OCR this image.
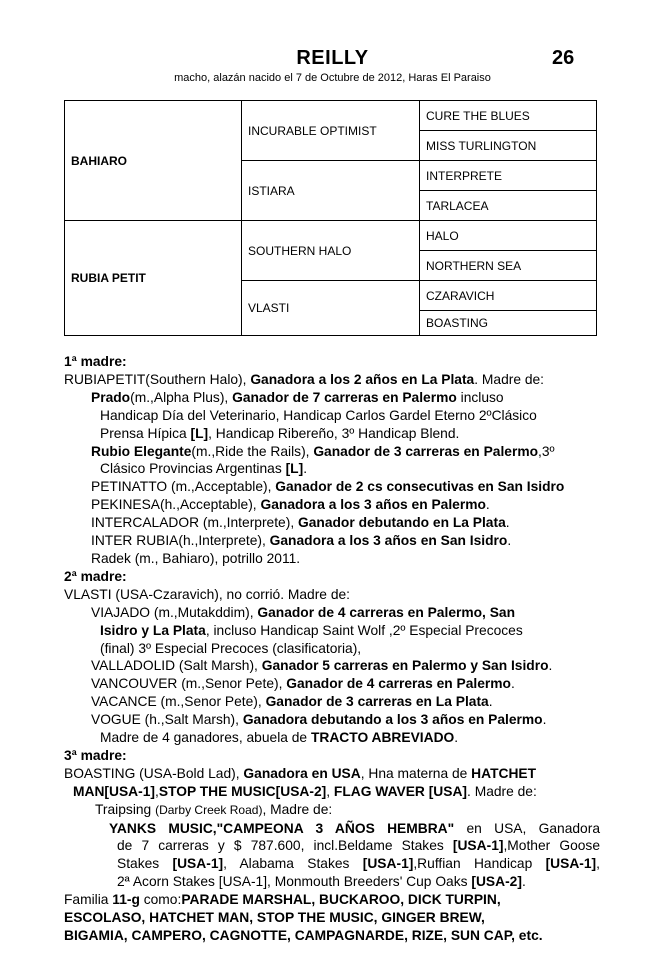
REILLY	26
macho, alazán nacido el 7 de Octubre de 2012, Haras El Paraiso
BAHIARO	INCURABLE OPTIMIST	CURE THE BLUES
		MISS TURLINGTON
	ISTIARA	INTERPRETE
		TARLACEA
RUBIA PETIT	SOUTHERN HALO	HALO
		NORTHERN SEA
	VLASTI	CZARAVICH
		BOASTING

1ª madre:

RUBIAPETIT(Southern Halo), Ganadora a los 2 años en La Plata. Madre de:

Prado(m.,Alpha Plus), Ganador de 7 carreras en Palermo incluso

Handicap Día del Veterinario, Handicap Carlos Gardel Eterno 2ºClásico

Prensa Hípica [L], Handicap Ribereño, 3º Handicap Blend.

Rubio Elegante(m.,Ride the Rails), Ganador de 3 carreras en Palermo,3º

Clásico Provincias Argentinas [L].

PETINATTO (m.,Acceptable), Ganador de 2 cs consecutivas en San Isidro

PEKINESA(h.,Acceptable), Ganadora a los 3 años en Palermo.

INTERCALADOR (m.,Interprete), Ganador debutando en La Plata.

INTER RUBIA(h.,Interprete), Ganadora a los 3 años en San Isidro.

Radek (m., Bahiaro), potrillo 2011.

2ª madre:

VLASTI (USA-Czaravich), no corrió. Madre de:

VIAJADO (m.,Mutakddim), Ganador de 4 carreras en Palermo, San

Isidro y La Plata, incluso Handicap Saint Wolf ,2º Especial Precoces

(final) 3º Especial Precoces (clasificatoria),

VALLADOLID (Salt Marsh), Ganador 5 carreras en Palermo y San Isidro.

VANCOUVER (m.,Senor Pete), Ganador de 4 carreras en Palermo.

VACANCE (m.,Senor Pete), Ganador de 3 carreras en La Plata.

VOGUE (h.,Salt Marsh), Ganadora debutando a los 3 años en Palermo.

Madre de 4 ganadores, abuela de TRACTO ABREVIADO.

3ª madre:

BOASTING (USA-Bold Lad), Ganadora en USA, Hna materna de HATCHET

MAN[USA-1],STOP THE MUSIC[USA-2], FLAG WAVER [USA]. Madre de:

Traipsing (Darby Creek Road), Madre de:

YANKS MUSIC,"CAMPEONA 3 AÑOS HEMBRA" en USA, Ganadora

de 7 carreras y $ 787.600, incl.Beldame Stakes [USA-1],Mother Goose

Stakes [USA-1], Alabama Stakes [USA-1],Ruffian Handicap [USA-1],

2ª Acorn Stakes [USA-1], Monmouth Breeders' Cup Oaks [USA-2].

Familia 11-g como:PARADE MARSHAL, BUCKAROO, DICK TURPIN,

ESCOLASO, HATCHET MAN, STOP THE MUSIC, GINGER BREW,

BIGAMIA, CAMPERO, CAGNOTTE, CAMPAGNARDE, RIZE, SUN CAP, etc.
